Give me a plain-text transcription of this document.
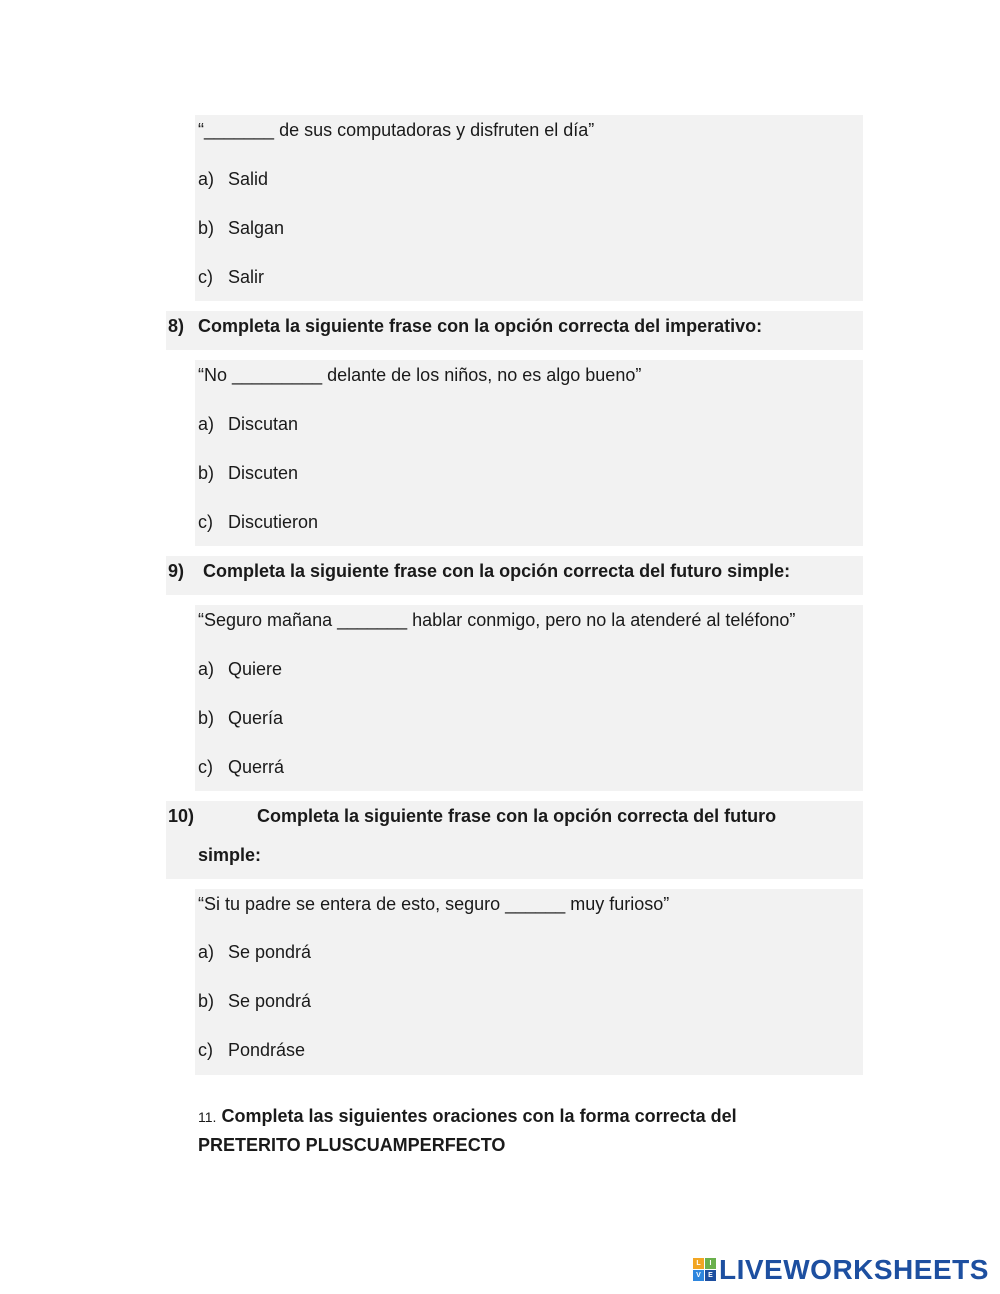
“_______ de sus computadoras y disfruten el día”
a) Salid
b) Salgan
c) Salir
8) Completa la siguiente frase con la opción correcta del imperativo:
“No _________ delante de los niños, no es algo bueno”
a) Discutan
b) Discuten
c) Discutieron
9) Completa la siguiente frase con la opción correcta del futuro simple:
“Seguro mañana _______ hablar conmigo, pero no la atenderé al teléfono”
a) Quiere
b) Quería
c) Querrá
10)	Completa la siguiente frase con la opción correcta del futuro
simple:
“Si tu padre se entera de esto, seguro ______ muy furioso”
a) Se pondrá
b) Se pondrá
c) Pondráse
11. Completa las siguientes oraciones con la forma correcta del
PRETERITO PLUSCUAMPERFECTO
L	I
V	E LIVEWORKSHEETS
